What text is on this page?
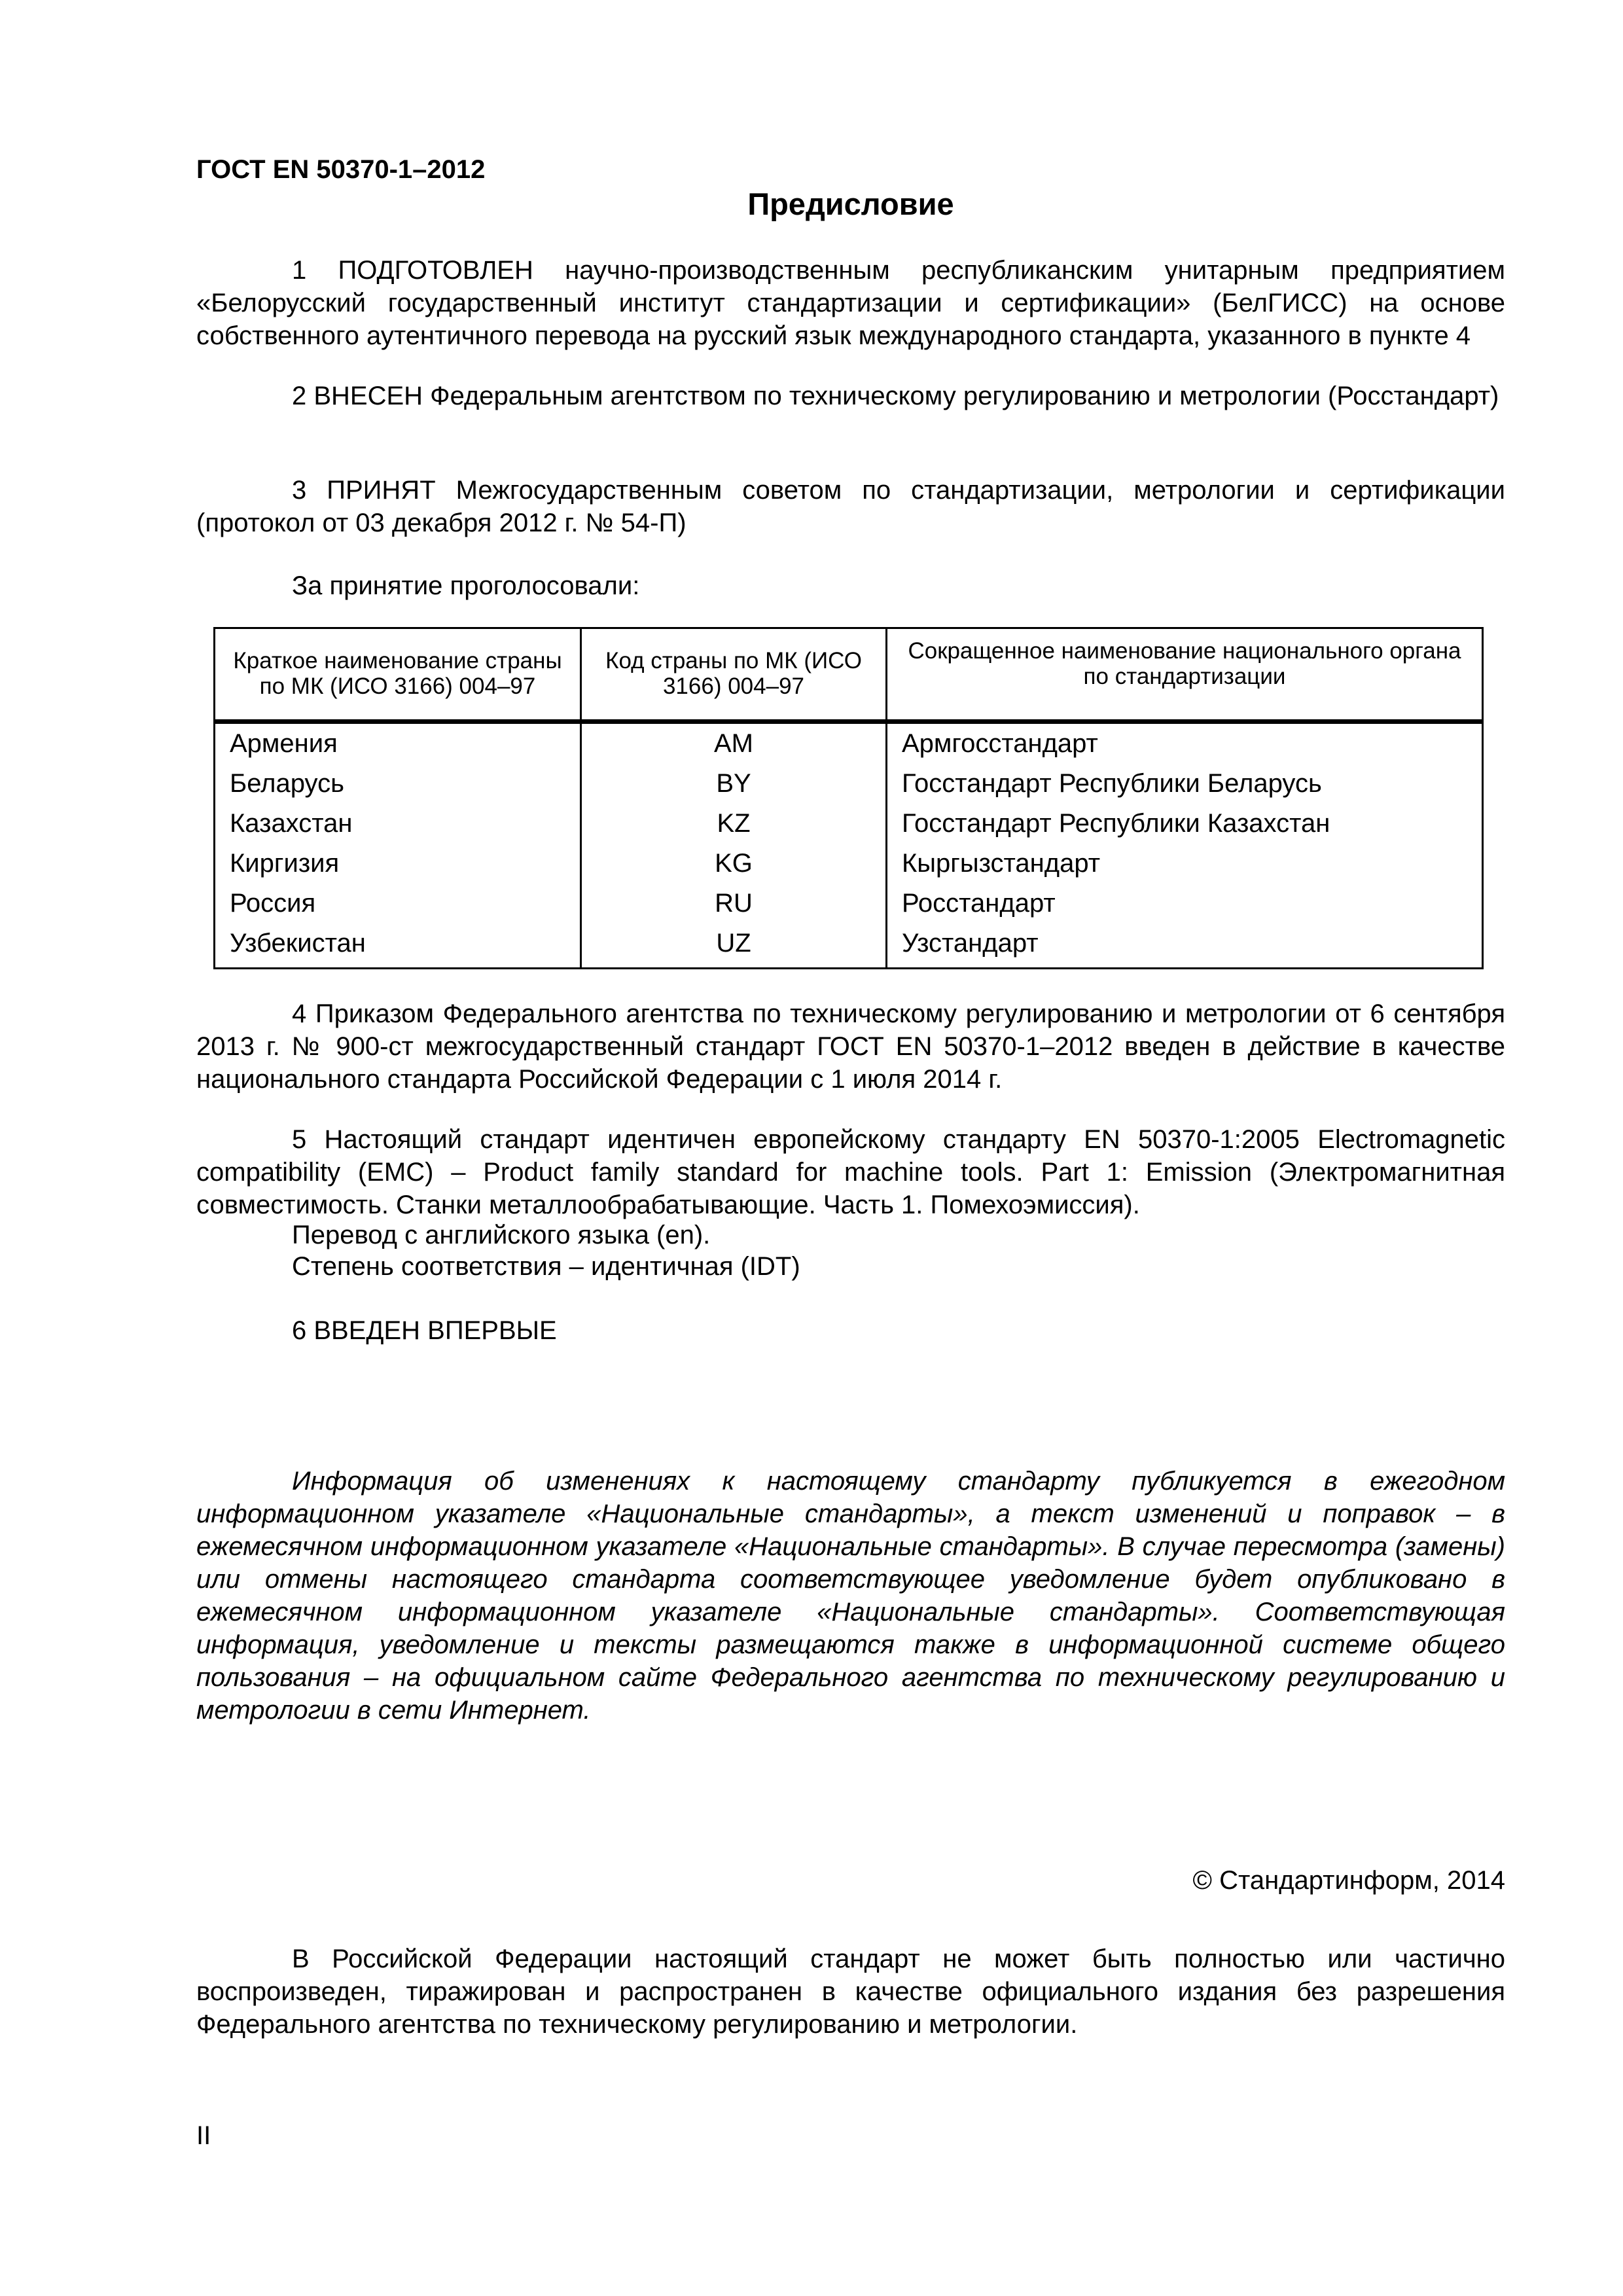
ГОСТ EN 50370-1–2012
Предисловие

1 ПОДГОТОВЛЕН научно-производственным республиканским унитарным предприятием «Белорусский государственный институт стандартизации и сертификации» (БелГИСС) на основе собственного аутентичного перевода на русский язык международного стандарта, указанного в пункте 4

2 ВНЕСЕН Федеральным агентством по техническому регулированию и метрологии (Росстандарт)

3 ПРИНЯТ Межгосударственным советом по стандартизации, метрологии и сертификации (протокол от 03 декабря 2012 г. № 54-П)

За принятие проголосовали:

Краткое наименование страны по МК (ИСО 3166) 004–97	Код страны по МК (ИСО 3166) 004–97	Сокращенное наименование национального органа по стандартизации
Армения	AM	Армгосстандарт
Беларусь	BY	Госстандарт Республики Беларусь
Казахстан	KZ	Госстандарт Республики Казахстан
Киргизия	KG	Кыргызстандарт
Россия	RU	Росстандарт
Узбекистан	UZ	Узстандарт

4 Приказом Федерального агентства по техническому регулированию и метрологии от 6 сентября 2013 г. № 900-ст межгосударственный стандарт ГОСТ EN 50370-1–2012 введен в действие в качестве национального стандарта Российской Федерации с 1 июля 2014 г.

5 Настоящий стандарт идентичен европейскому стандарту EN 50370-1:2005 Electromagnetic compatibility (EMC) – Product family standard for machine tools. Part 1: Emission (Электромагнитная совместимость. Станки металлообрабатывающие. Часть 1. Помехоэмиссия).

Перевод с английского языка (en).

Степень соответствия – идентичная (IDT)

6 ВВЕДЕН ВПЕРВЫЕ

Информация об изменениях к настоящему стандарту публикуется в ежегодном информационном указателе «Национальные стандарты», а текст изменений и поправок – в ежемесячном информационном указателе «Национальные стандарты». В случае пересмотра (замены) или отмены настоящего стандарта соответствующее уведомление будет опубликовано в ежемесячном информационном указателе «Национальные стандарты». Соответствующая информация, уведомление и тексты размещаются также в информационной системе общего пользования – на официальном сайте Федерального агентства по техническому регулированию и метрологии в сети Интернет.

© Стандартинформ, 2014

В Российской Федерации настоящий стандарт не может быть полностью или частично воспроизведен, тиражирован и распространен в качестве официального издания без разрешения Федерального агентства по техническому регулированию и метрологии.

II
